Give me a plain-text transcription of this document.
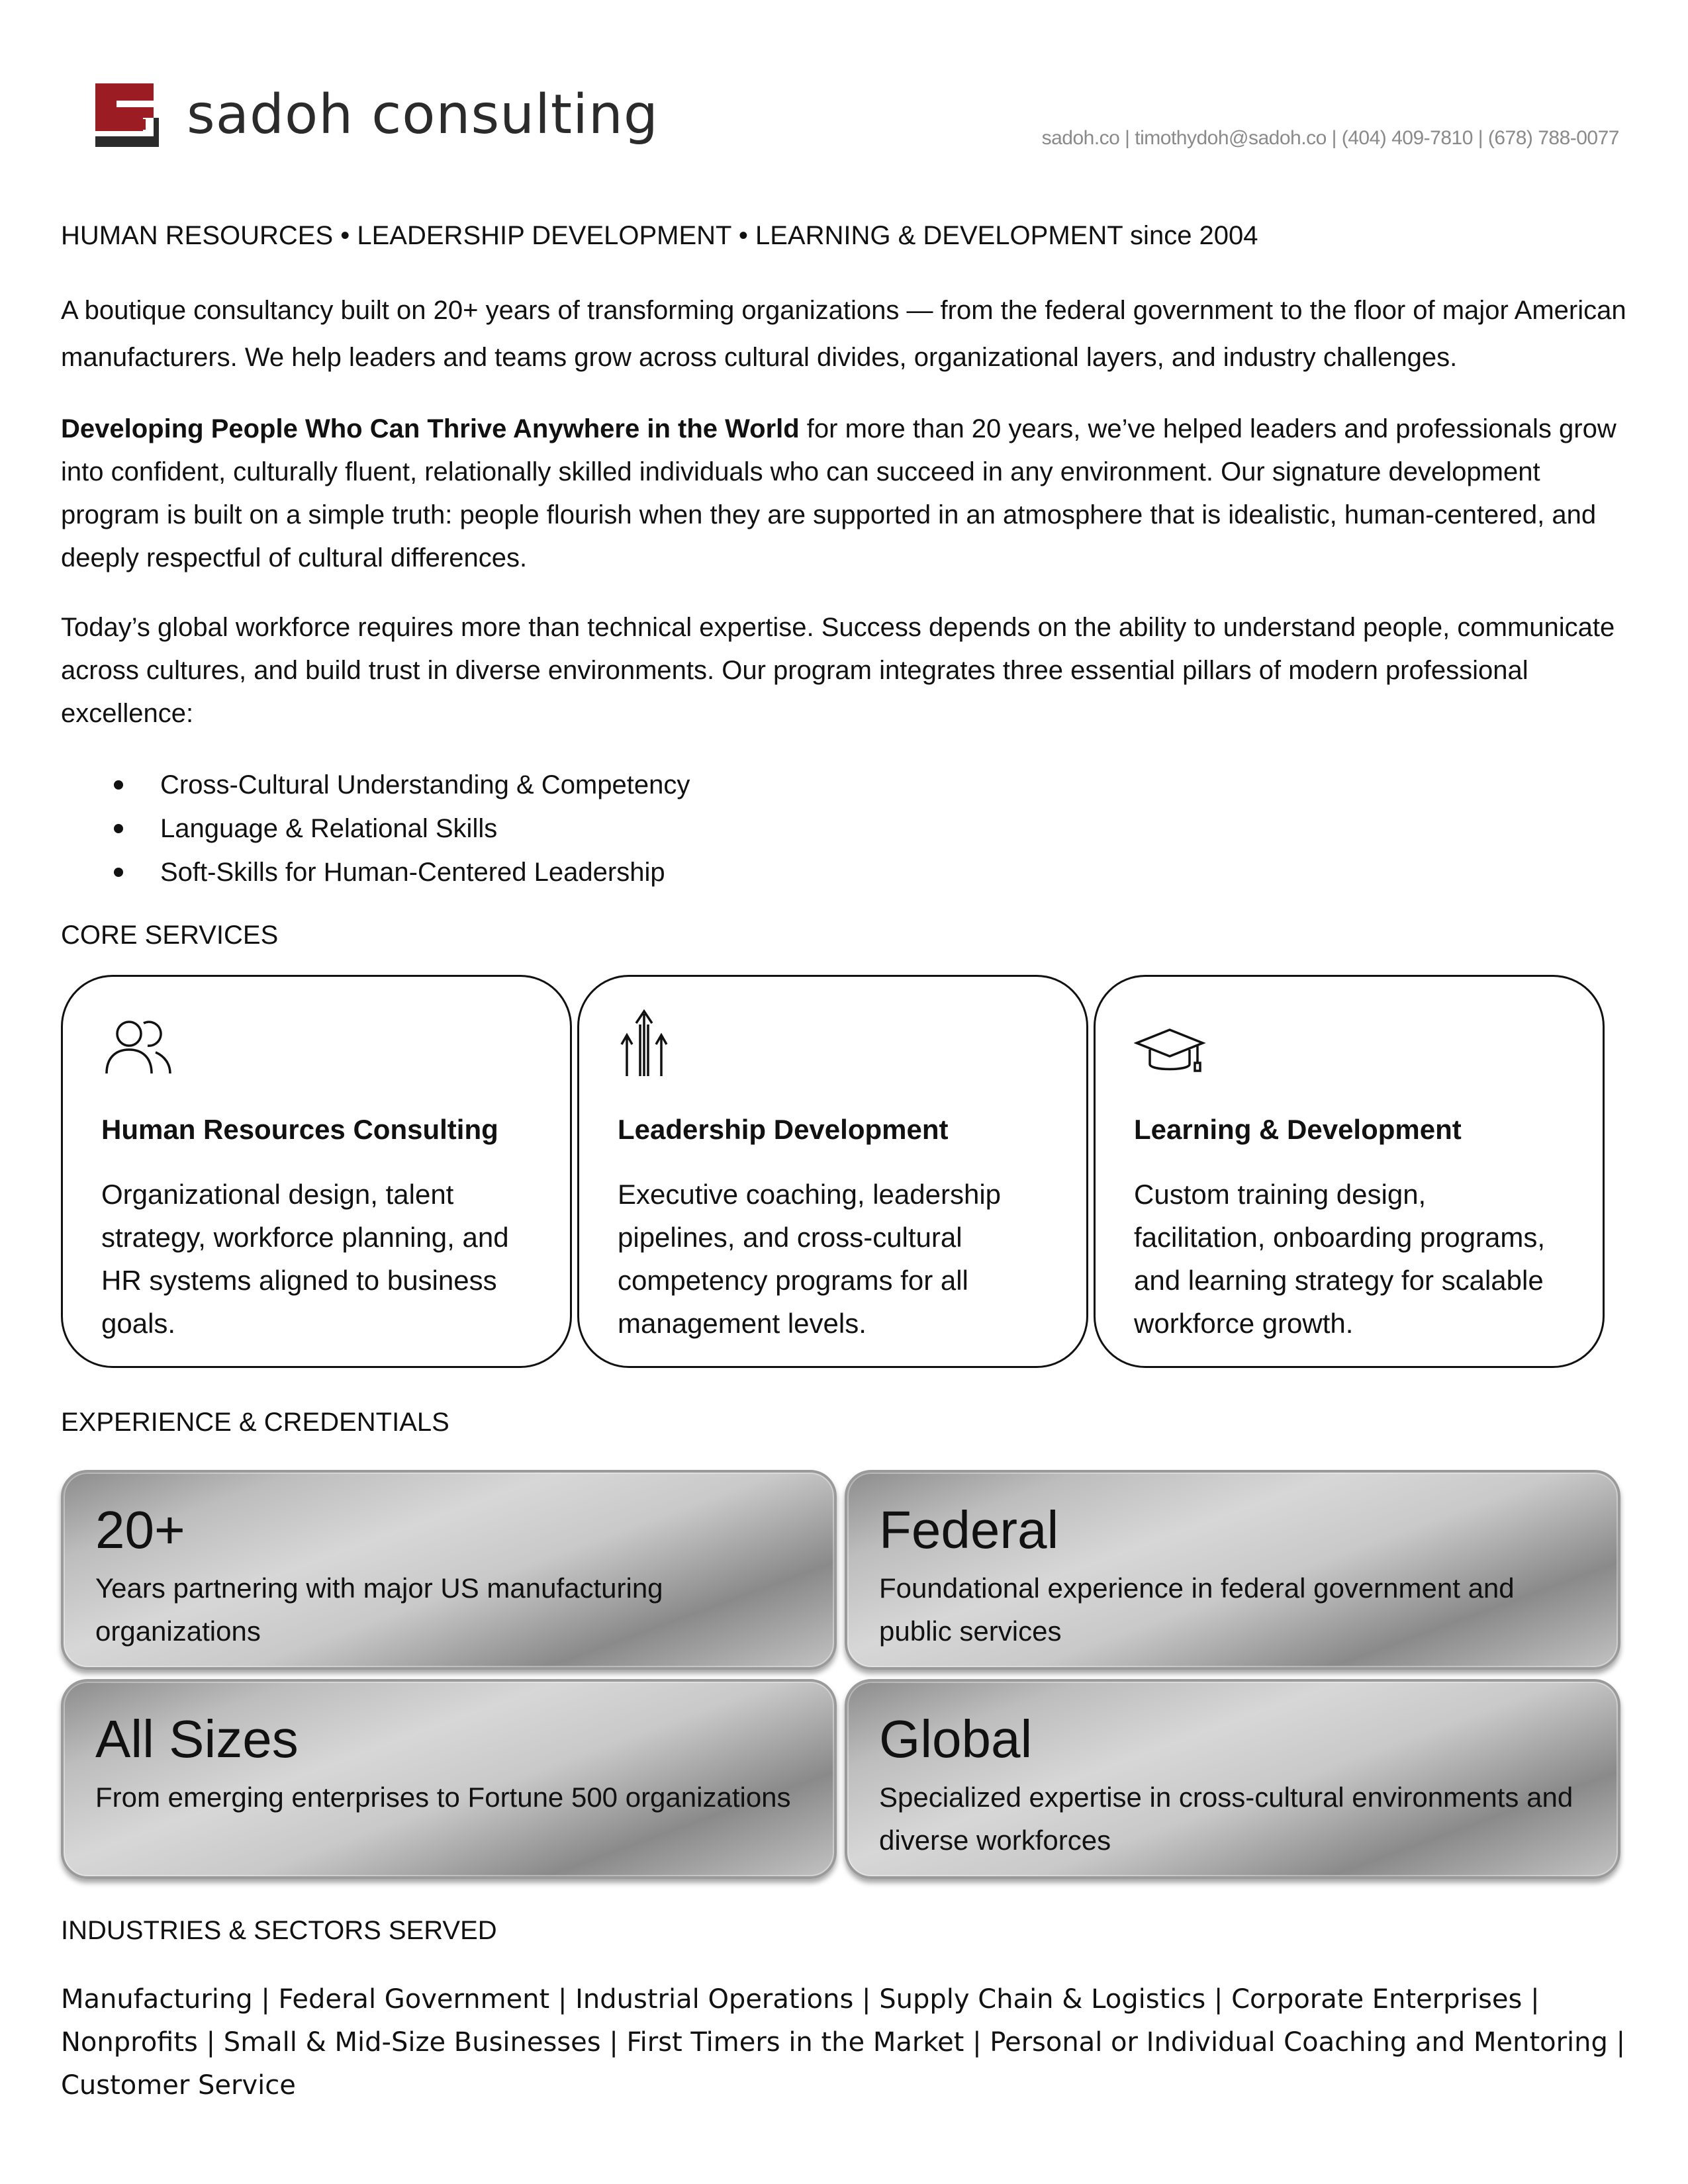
sadoh consulting	sadoh.co | timothydoh@sadoh.co | (404) 409-7810 | (678) 788-0077

HUMAN RESOURCES • LEADERSHIP DEVELOPMENT • LEARNING & DEVELOPMENT since 2004

A boutique consultancy built on 20+ years of transforming organizations — from the federal government to the floor of major American manufacturers. We help leaders and teams grow across cultural divides, organizational layers, and industry challenges.

Developing People Who Can Thrive Anywhere in the World for more than 20 years, we’ve helped leaders and professionals grow into confident, culturally fluent, relationally skilled individuals who can succeed in any environment. Our signature development program is built on a simple truth: people flourish when they are supported in an atmosphere that is idealistic, human-centered, and deeply respectful of cultural differences.

Today’s global workforce requires more than technical expertise. Success depends on the ability to understand people, communicate across cultures, and build trust in diverse environments. Our program integrates three essential pillars of modern professional excellence:

Cross-Cultural Understanding & Competency
Language & Relational Skills
Soft-Skills for Human-Centered Leadership
CORE SERVICES
Human Resources Consulting
Organizational design, talent strategy, workforce planning, and HR systems aligned to business goals.
Leadership Development
Executive coaching, leadership pipelines, and cross-cultural competency programs for all management levels.
Learning & Development
Custom training design, facilitation, onboarding programs, and learning strategy for scalable workforce growth.
EXPERIENCE & CREDENTIALS
20+
Years partnering with major US manufacturing organizations
Federal
Foundational experience in federal government and public services
All Sizes
From emerging enterprises to Fortune 500 organizations
Global
Specialized expertise in cross-cultural environments and diverse workforces
INDUSTRIES & SECTORS SERVED
Manufacturing | Federal Government | Industrial Operations | Supply Chain & Logistics | Corporate Enterprises | Nonprofits | Small & Mid-Size Businesses | First Timers in the Market | Personal or Individual Coaching and Mentoring | Customer Service
